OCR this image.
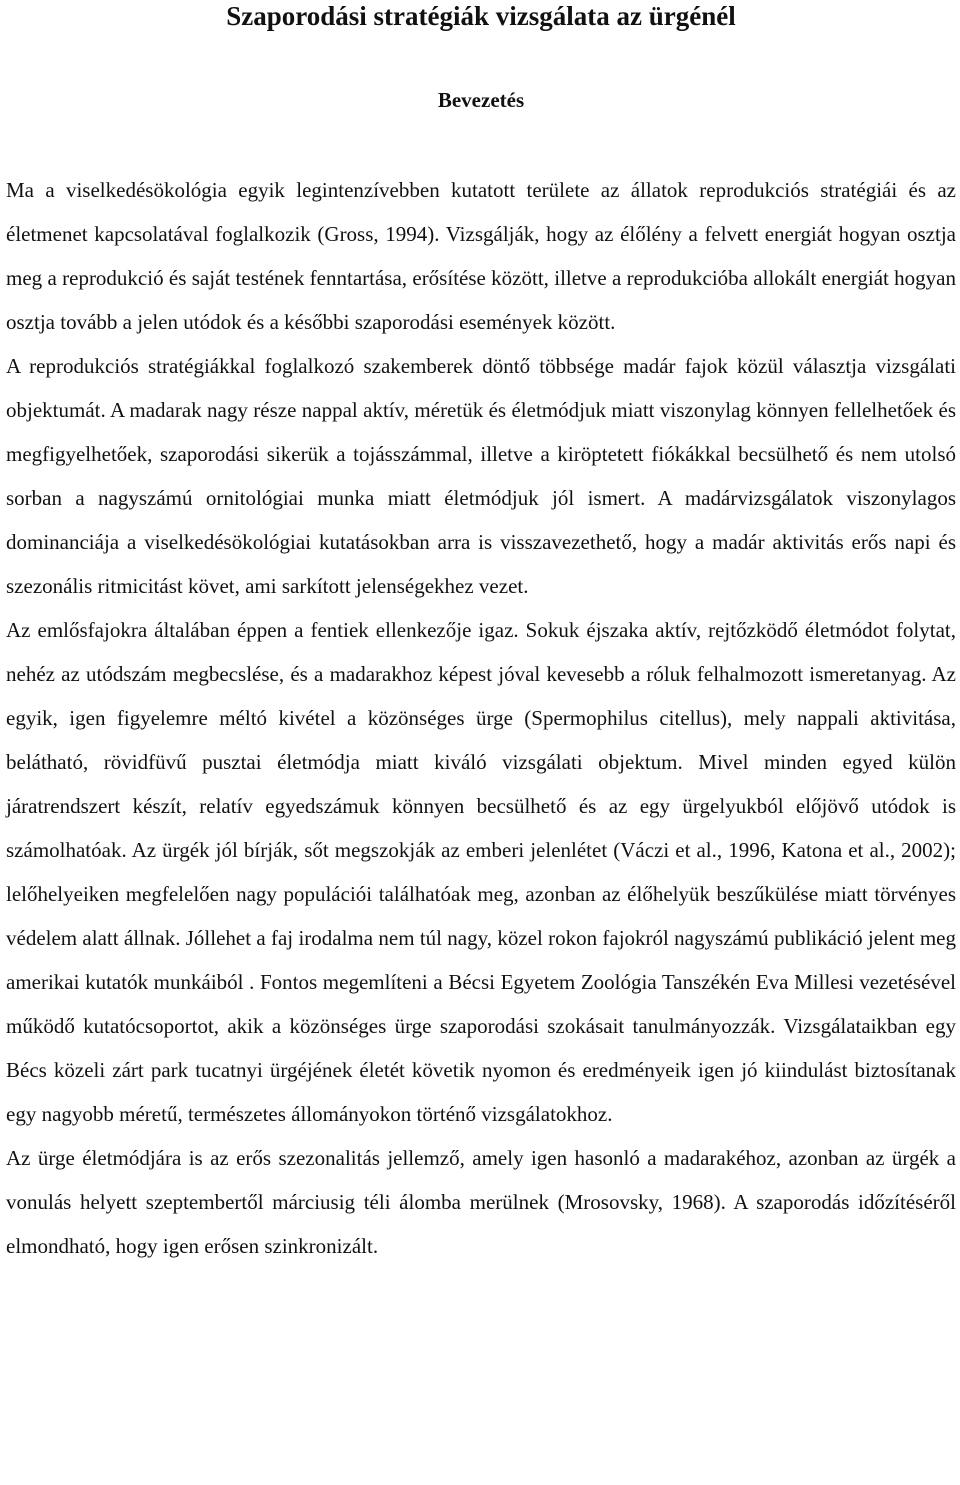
Szaporodási stratégiák vizsgálata az ürgénél
Bevezetés

Ma a viselkedésökológia egyik legintenzívebben kutatott területe az állatok reprodukciós stratégiái és az életmenet kapcsolatával foglalkozik (Gross, 1994). Vizsgálják, hogy az élőlény a felvett energiát hogyan osztja meg a reprodukció és saját testének fenntartása, erősítése között, illetve a reprodukcióba allokált energiát hogyan osztja tovább a jelen utódok és a későbbi szaporodási események között.

A reprodukciós stratégiákkal foglalkozó szakemberek döntő többsége madár fajok közül választja vizsgálati objektumát. A madarak nagy része nappal aktív, méretük és életmódjuk miatt viszonylag könnyen fellelhetőek és megfigyelhetőek, szaporodási sikerük a tojásszámmal, illetve a kiröptetett fiókákkal becsülhető és nem utolsó sorban a nagyszámú ornitológiai munka miatt életmódjuk jól ismert. A madárvizsgálatok viszonylagos dominanciája a viselkedésökológiai kutatásokban arra is visszavezethető, hogy a madár aktivitás erős napi és szezonális ritmicitást követ, ami sarkított jelenségekhez vezet.

Az emlősfajokra általában éppen a fentiek ellenkezője igaz. Sokuk éjszaka aktív, rejtőzködő életmódot folytat, nehéz az utódszám megbecslése, és a madarakhoz képest jóval kevesebb a róluk felhalmozott ismeretanyag. Az egyik, igen figyelemre méltó kivétel a közönséges ürge (Spermophilus citellus), mely nappali aktivitása, belátható, rövidfüvű pusztai életmódja miatt kiváló vizsgálati objektum. Mivel minden egyed külön járatrendszert készít, relatív egyedszámuk könnyen becsülhető és az egy ürgelyukból előjövő utódok is számolhatóak. Az ürgék jól bírják, sőt megszokják az emberi jelenlétet (Váczi et al., 1996, Katona et al., 2002); lelőhelyeiken megfelelően nagy populációi találhatóak meg, azonban az élőhelyük beszűkülése miatt törvényes védelem alatt állnak. Jóllehet a faj irodalma nem túl nagy, közel rokon fajokról nagyszámú publikáció jelent meg amerikai kutatók munkáiból . Fontos megemlíteni a Bécsi Egyetem Zoológia Tanszékén Eva Millesi vezetésével működő kutatócsoportot, akik a közönséges ürge szaporodási szokásait tanulmányozzák. Vizsgálataikban egy Bécs közeli zárt park tucatnyi ürgéjének életét követik nyomon és eredményeik igen jó kiindulást biztosítanak egy nagyobb méretű, természetes állományokon történő vizsgálatokhoz.

Az ürge életmódjára is az erős szezonalitás jellemző, amely igen hasonló a madarakéhoz, azonban az ürgék a vonulás helyett szeptembertől márciusig téli álomba merülnek (Mrosovsky, 1968). A szaporodás időzítéséről elmondható, hogy igen erősen szinkronizált.
